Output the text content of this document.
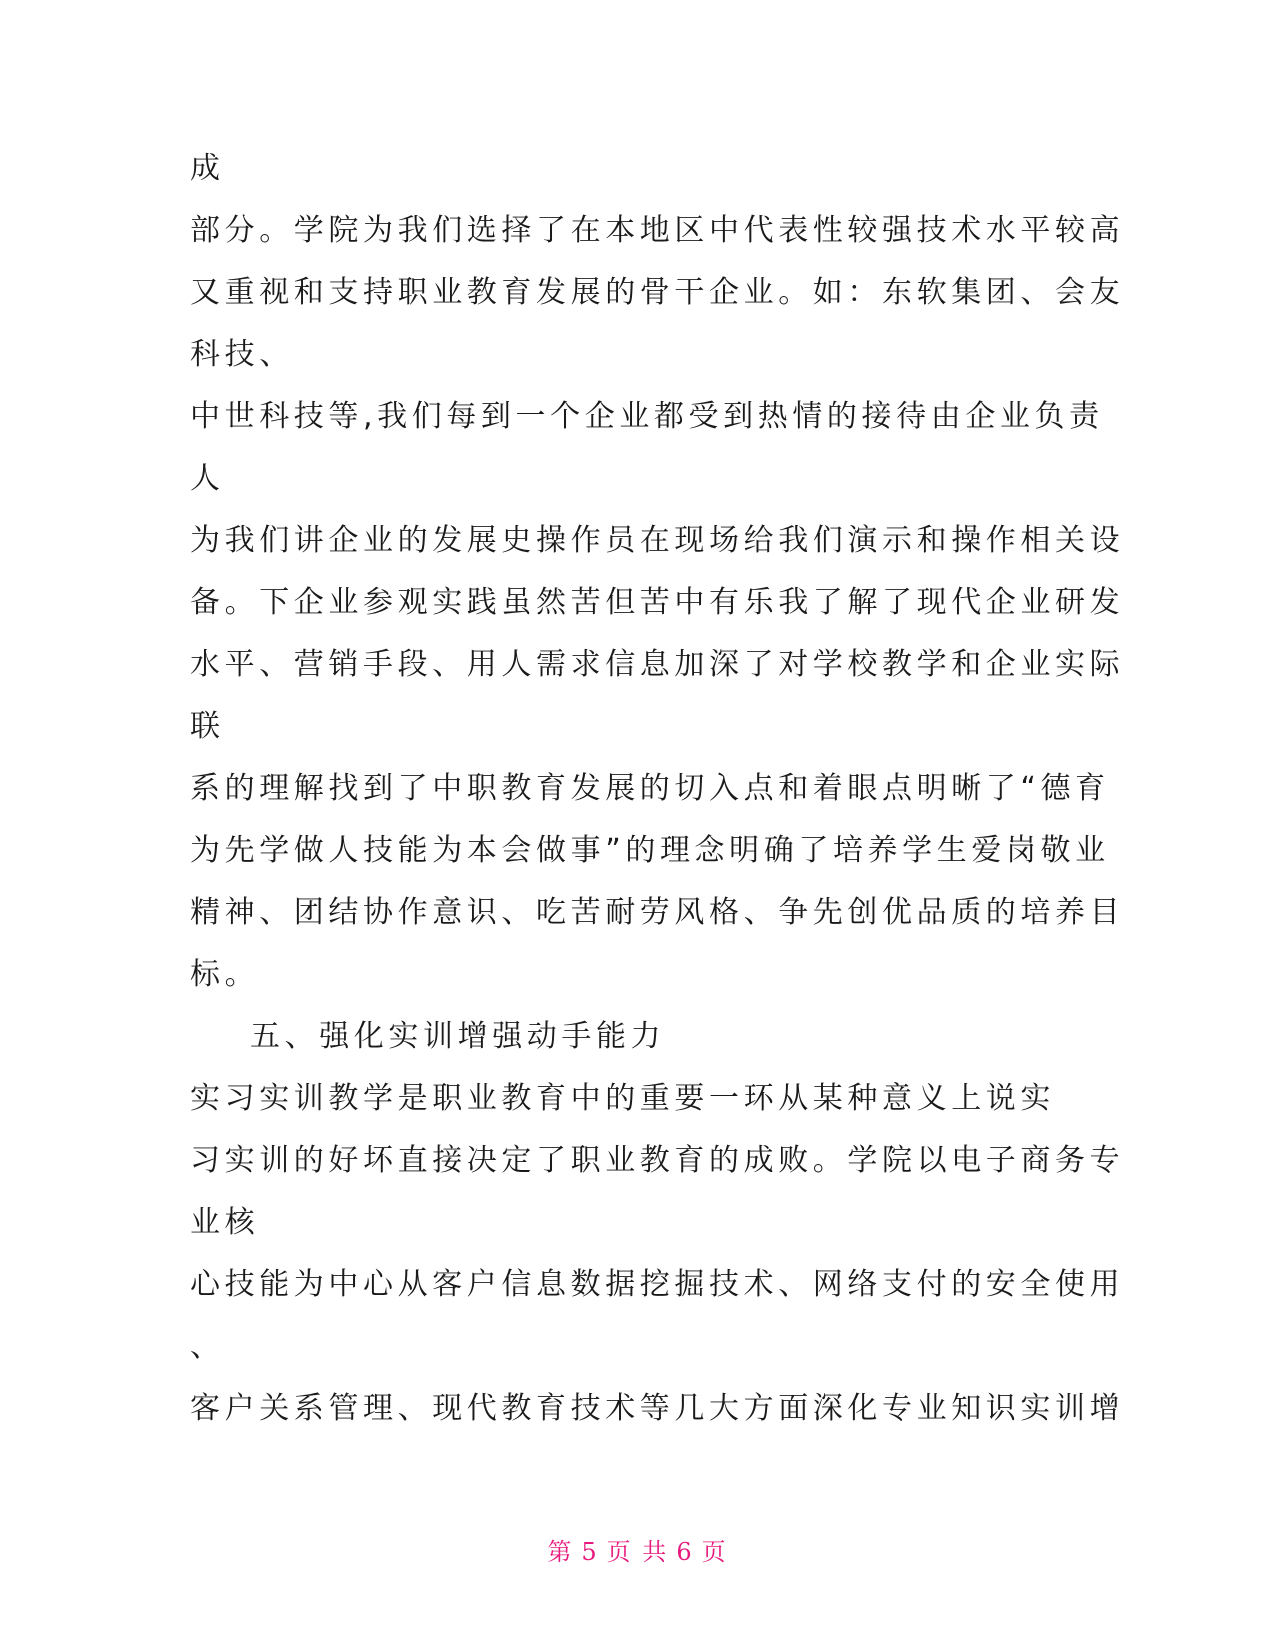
成
部分。学院为我们选择了在本地区中代表性较强技术水平较高
又重视和支持职业教育发展的骨干企业。如：东软集团、会友
科技、
中世科技等,我们每到一个企业都受到热情的接待由企业负责
人
为我们讲企业的发展史操作员在现场给我们演示和操作相关设
备。下企业参观实践虽然苦但苦中有乐我了解了现代企业研发
水平、营销手段、用人需求信息加深了对学校教学和企业实际
联
系的理解找到了中职教育发展的切入点和着眼点明晰了“德育
为先学做人技能为本会做事”的理念明确了培养学生爱岗敬业
精神、团结协作意识、吃苦耐劳风格、争先创优品质的培养目
标。
五、强化实训增强动手能力
实习实训教学是职业教育中的重要一环从某种意义上说实
习实训的好坏直接决定了职业教育的成败。学院以电子商务专
业核
心技能为中心从客户信息数据挖掘技术、网络支付的安全使用
、
客户关系管理、现代教育技术等几大方面深化专业知识实训增
第 5 页 共 6 页
